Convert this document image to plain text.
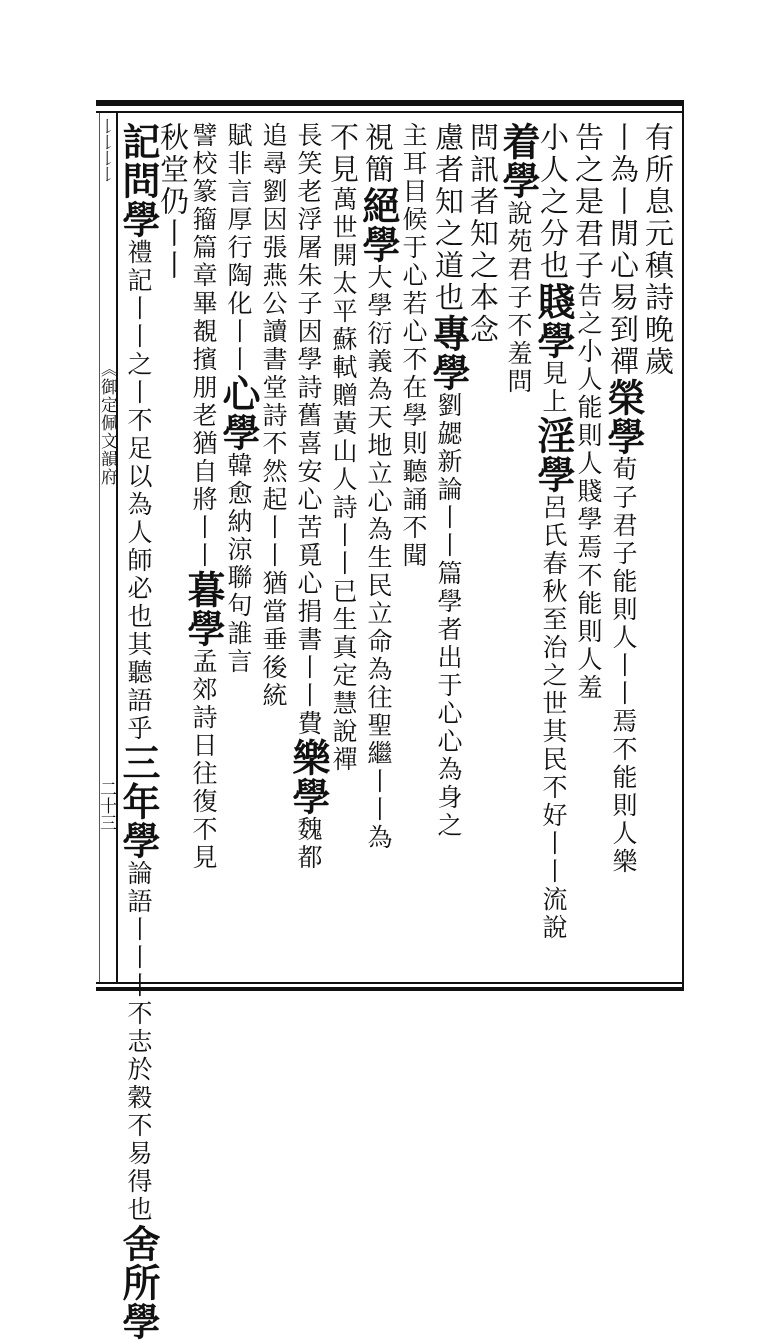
𠄌𠄌𠄌𠄌
《御定佩文韻府
二十三
有所息元稹詩晚歲
丨為丨閒心易到禪榮學荀子君子能則人丨丨焉不能則人樂
告之是君子告之小人能則人賤學焉不能則人羞
小人之分也賤學見上淫學呂氏春秋至治之世其民不好丨丨流說
着學說苑君子不羞問
問訊者知之本念
慮者知之道也專學劉勰新論丨丨篇學者出于心心為身之
主耳目候于心若心不在學則聽誦不聞
視簡絕學大學衍義為天地立心為生民立命為往聖繼丨丨為
不見萬世開太平蘇軾贈黃山人詩丨丨已生真定慧說禪
長笑老浮屠朱子因學詩舊喜安心苦覓心捐書丨丨費樂學魏都
追尋劉因張燕公讀書堂詩不然起丨丨猶當垂後統
賦非言厚行陶化丨丨心學韓愈納涼聯句誰言
譬校篆籀篇章畢覩擯朋老猶自將丨丨暮學孟郊詩日往復不見
秋堂仍丨丨
記問學禮記丨丨之丨不足以為人師必也其聽語乎三年學論語丨丨丨不志於穀不易得也舍所學
